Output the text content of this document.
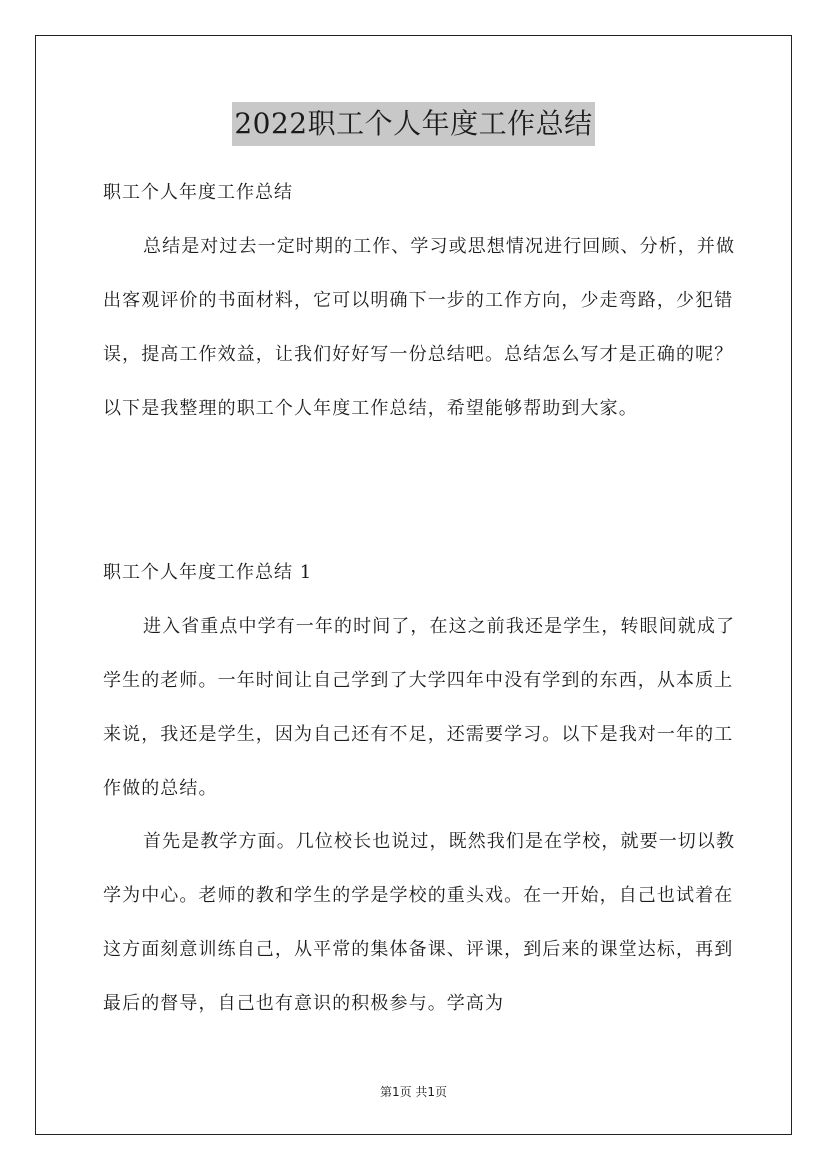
2022职工个人年度工作总结

职工个人年度工作总结

总结是对过去一定时期的工作、学习或思想情况进行回顾、分析，并做出客观评价的书面材料，它可以明确下一步的工作方向，少走弯路，少犯错误，提高工作效益，让我们好好写一份总结吧。总结怎么写才是正确的呢？以下是我整理的职工个人年度工作总结，希望能够帮助到大家。

职工个人年度工作总结 1

进入省重点中学有一年的时间了，在这之前我还是学生，转眼间就成了学生的老师。一年时间让自己学到了大学四年中没有学到的东西，从本质上来说，我还是学生，因为自己还有不足，还需要学习。以下是我对一年的工作做的总结。

首先是教学方面。几位校长也说过，既然我们是在学校，就要一切以教学为中心。老师的教和学生的学是学校的重头戏。在一开始，自己也试着在这方面刻意训练自己，从平常的集体备课、评课，到后来的课堂达标，再到最后的督导，自己也有意识的积极参与。学高为

第1页 共1页
